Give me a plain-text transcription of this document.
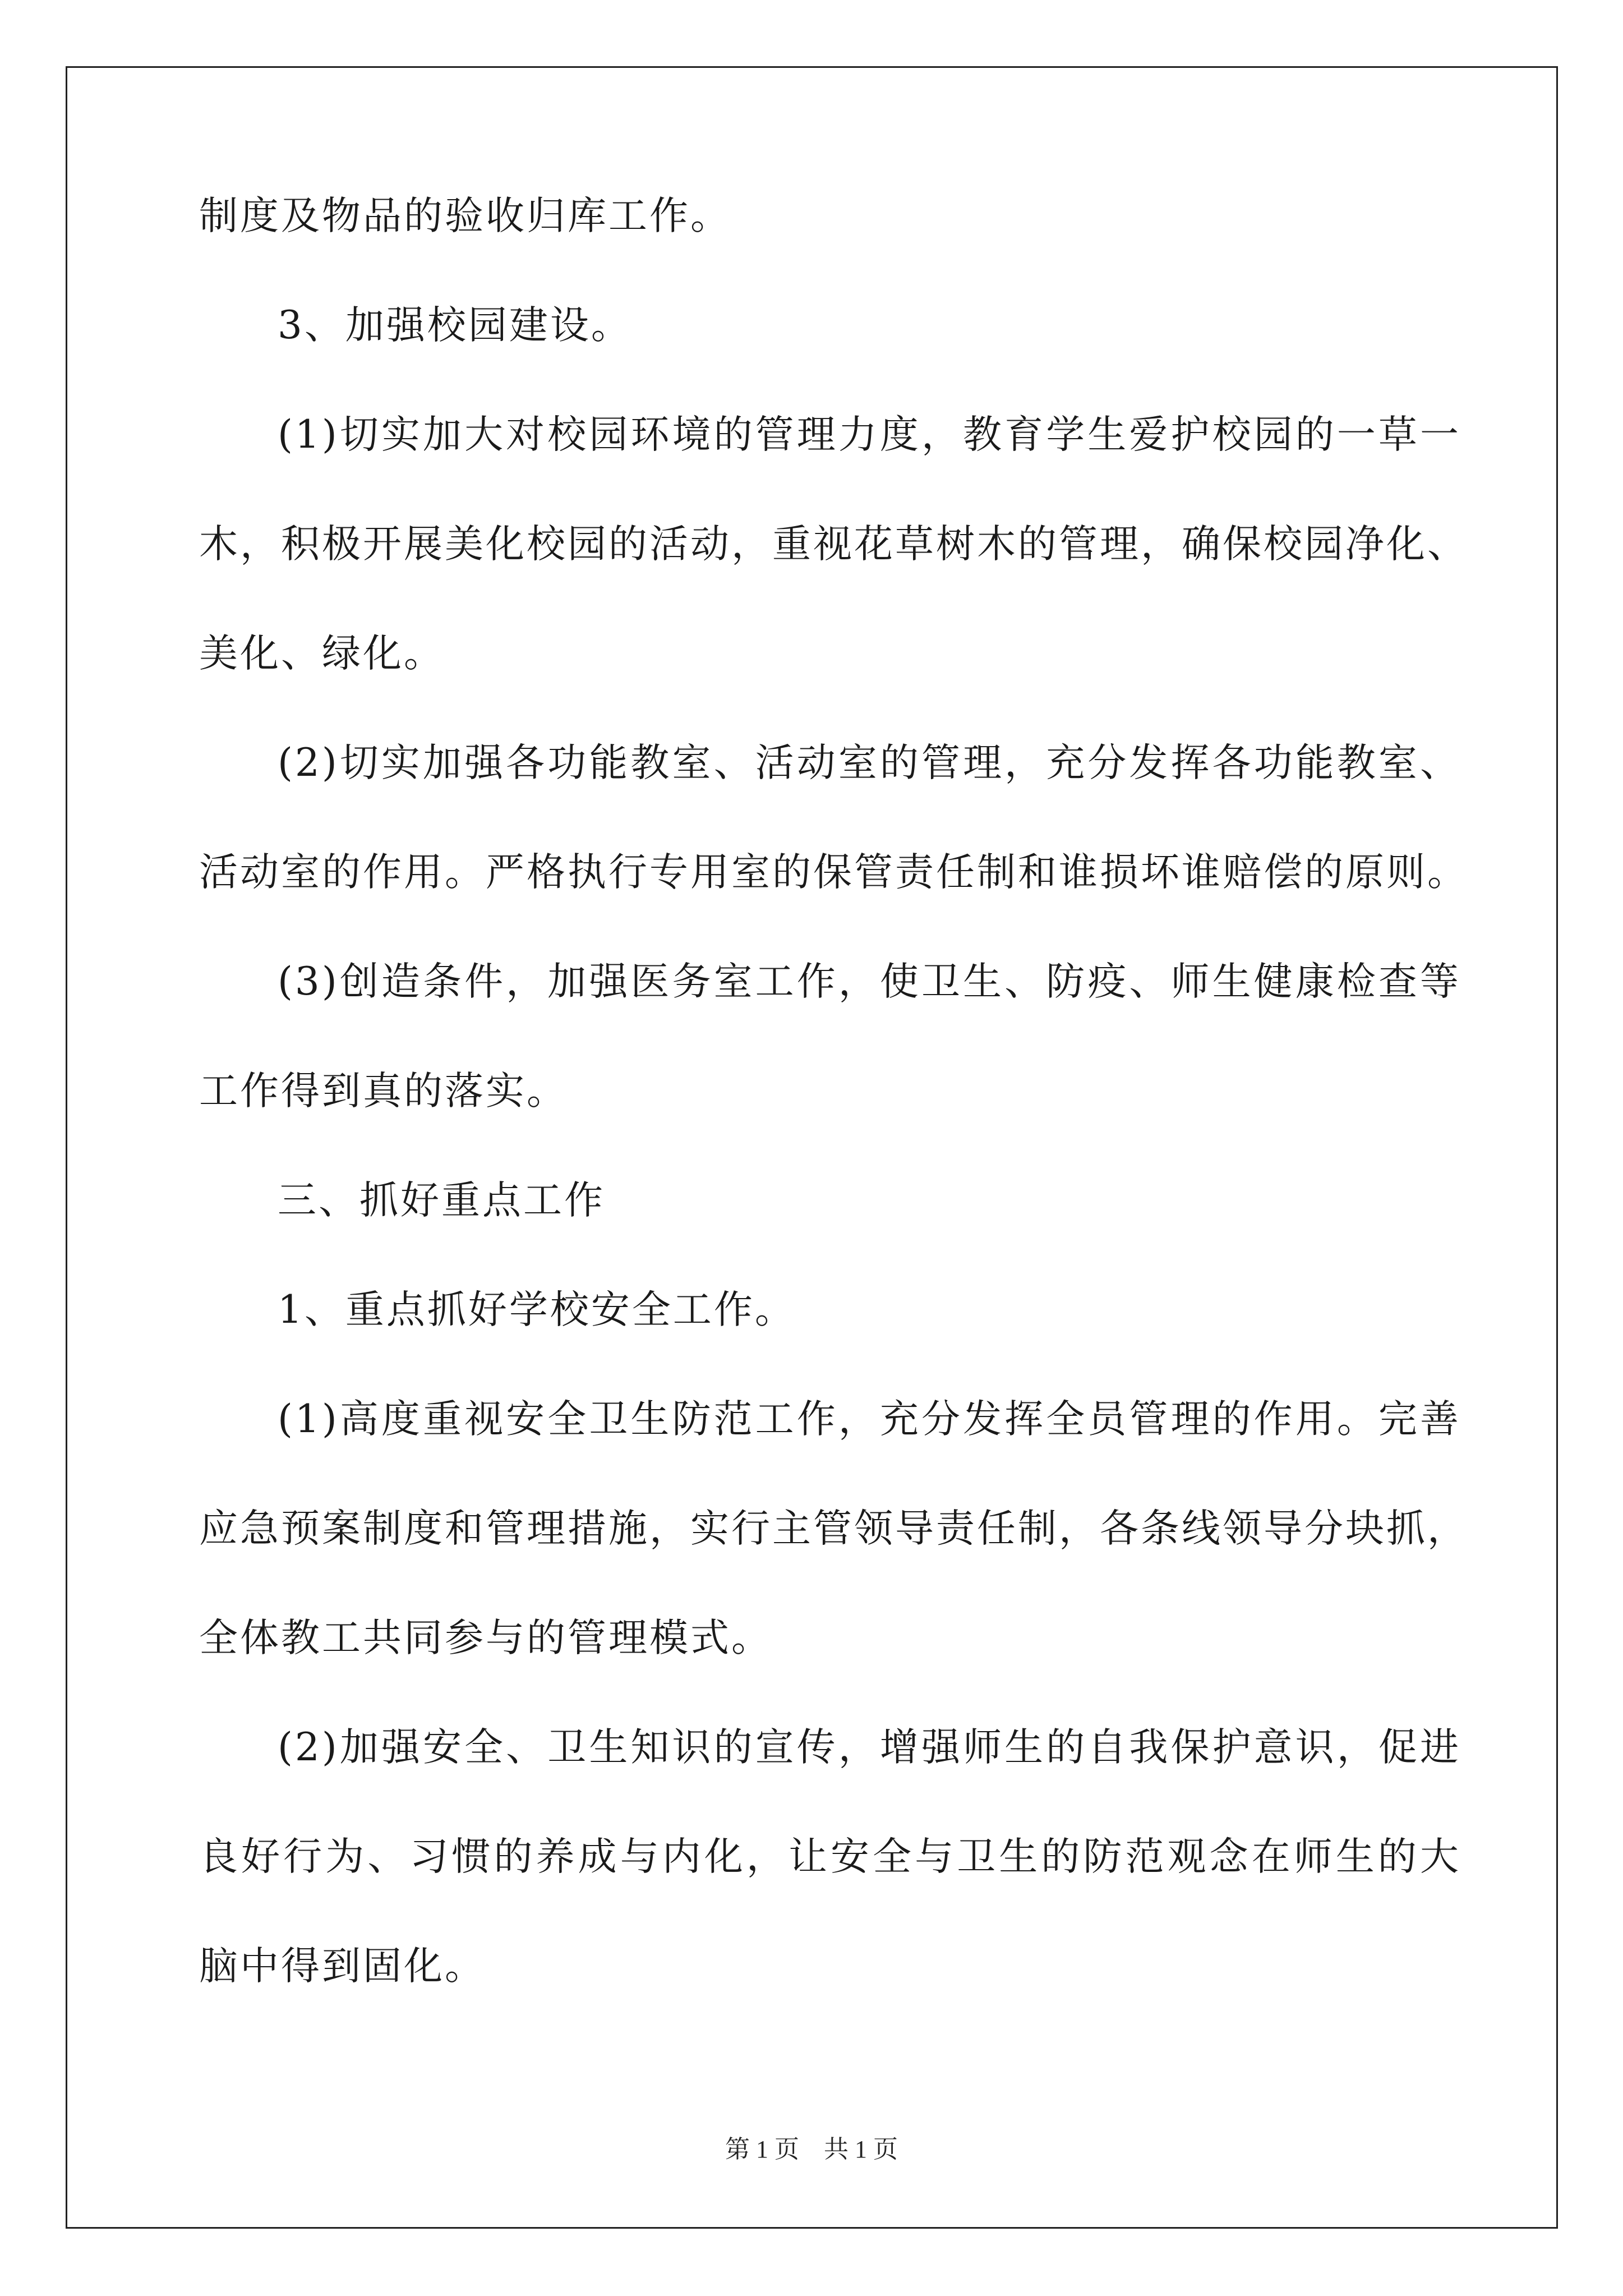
制度及物品的验收归库工作。
3、加强校园建设。
(1)切实加大对校园环境的管理力度，教育学生爱护校园的一草一
木，积极开展美化校园的活动，重视花草树木的管理，确保校园净化、
美化、绿化。
(2)切实加强各功能教室、活动室的管理，充分发挥各功能教室、
活动室的作用。严格执行专用室的保管责任制和谁损坏谁赔偿的原则。
(3)创造条件，加强医务室工作，使卫生、防疫、师生健康检查等
工作得到真的落实。
三、抓好重点工作
1、重点抓好学校安全工作。
(1)高度重视安全卫生防范工作，充分发挥全员管理的作用。完善
应急预案制度和管理措施，实行主管领导责任制，各条线领导分块抓，
全体教工共同参与的管理模式。
(2)加强安全、卫生知识的宣传，增强师生的自我保护意识，促进
良好行为、习惯的养成与内化，让安全与卫生的防范观念在师生的大
脑中得到固化。
第 1 页　共 1 页
